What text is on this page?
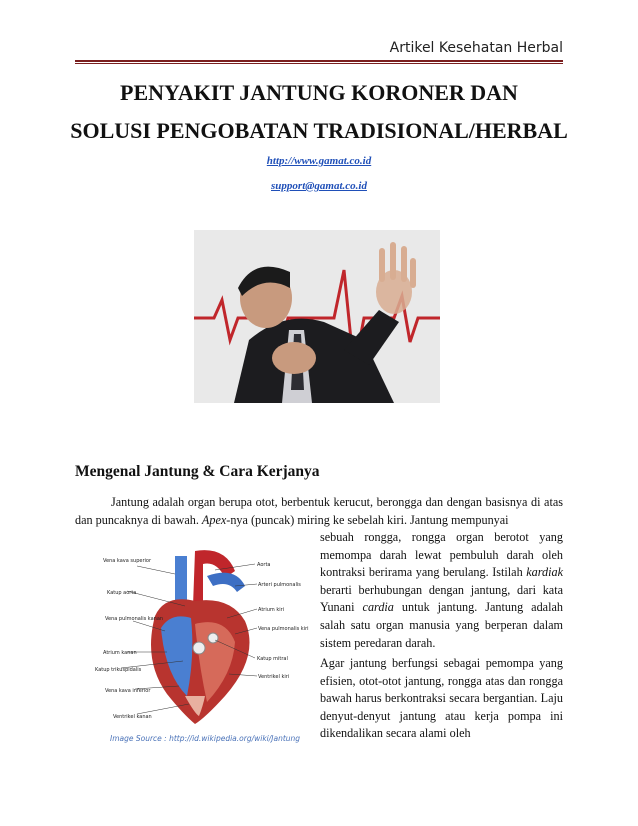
Artikel Kesehatan Herbal
PENYAKIT JANTUNG KORONER DAN
SOLUSI PENGOBATAN TRADISIONAL/HERBAL
http://www.gamat.co.id
support@gamat.co.id
Mengenal Jantung & Cara Kerjanya
Jantung adalah organ berupa otot, berbentuk kerucut, berongga dan dengan basisnya di atas dan puncaknya di bawah. Apex-nya (puncak) miring ke sebelah kiri. Jantung mempunyai
sebuah rongga, rongga organ berotot yang memompa darah lewat pembuluh darah oleh kontraksi berirama yang berulang. Istilah kardiak berarti berhubungan dengan jantung, dari kata Yunani cardia untuk jantung. Jantung adalah salah satu organ manusia yang berperan dalam sistem peredaran darah.
Agar jantung berfungsi sebagai pemompa yang efisien, otot-otot jantung, rongga atas dan rongga bawah harus berkontraksi secara bergantian. Laju denyut-denyut jantung atau kerja pompa ini dikendalikan secara alami oleh
Vena kava superior
Katup aorta
Vena pulmonalis kanan
Atrium kanan
Katup trikuspidalis
Vena kava inferior
Ventrikel kanan
Aorta
Arteri pulmonalis
Atrium kiri
Vena pulmonalis kiri
Katup mitral
Ventrikel kiri
Image Source : http://id.wikipedia.org/wiki/Jantung
